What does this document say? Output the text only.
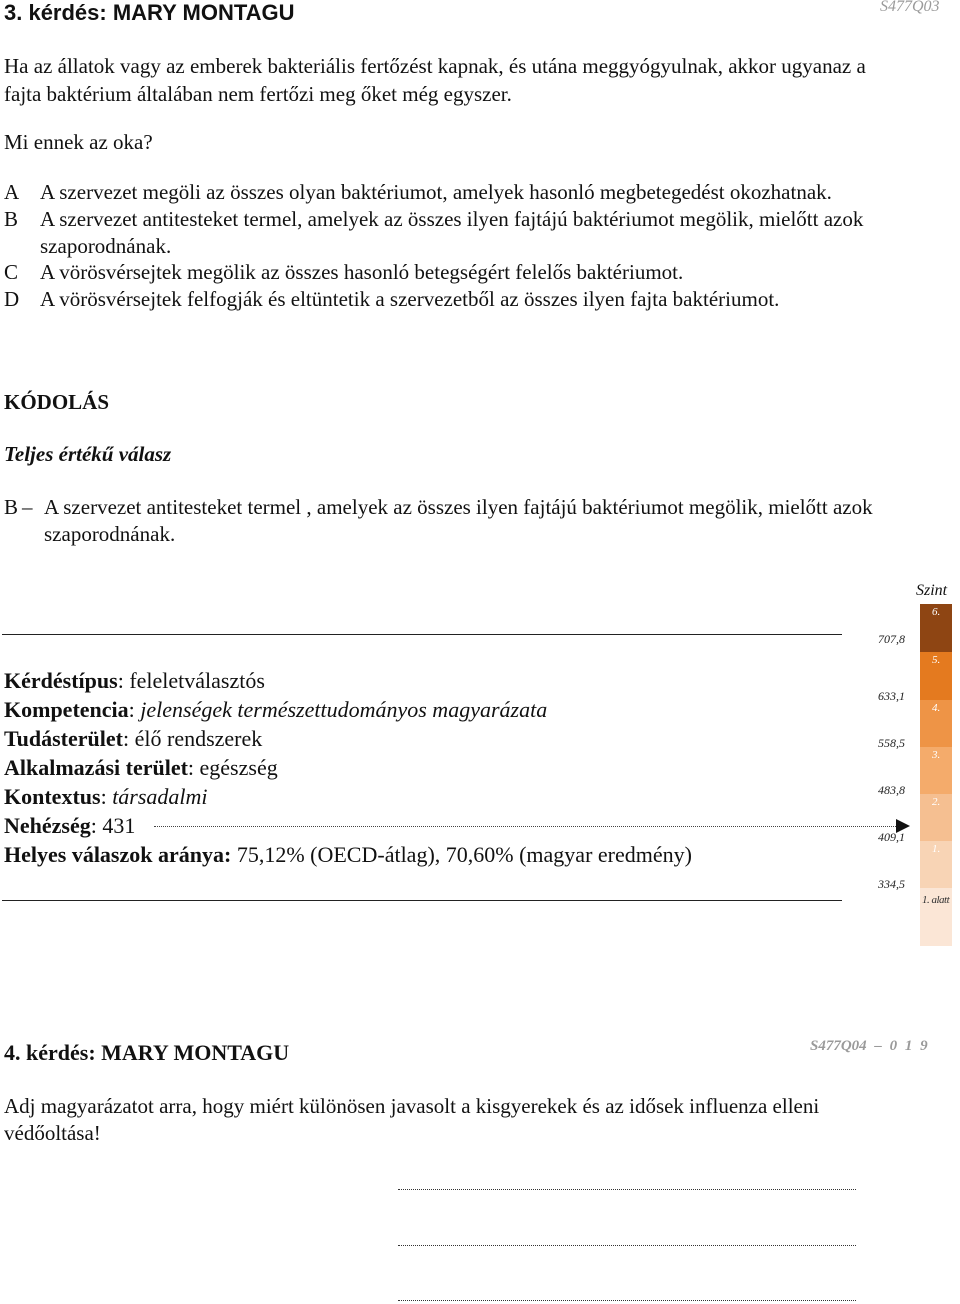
3. kérdés: MARY MONTAGU	S477Q03
Ha az állatok vagy az emberek bakteriális fertőzést kapnak, és utána meggyógyulnak, akkor ugyanaz a
fajta baktérium általában nem fertőzi meg őket még egyszer.
Mi ennek az oka?
A A szervezet megöli az összes olyan baktériumot, amelyek hasonló megbetegedést okozhatnak.
B A szervezet antitesteket termel, amelyek az összes ilyen fajtájú baktériumot megölik, mielőtt azok
szaporodnának.
C A vörösvérsejtek megölik az összes hasonló betegségért felelős baktériumot.
D A vörösvérsejtek felfogják és eltüntetik a szervezetből az összes ilyen fajta baktériumot.
KÓDOLÁS
Teljes értékű válasz
B – A szervezet antitesteket termel , amelyek az összes ilyen fajtájú baktériumot megölik, mielőtt azok
szaporodnának.
Kérdéstípus: feleletválasztós
Kompetencia: jelenségek természettudományos magyarázata
Tudásterület: élő rendszerek
Alkalmazási terület: egészség
Kontextus: társadalmi
Nehézség: 431
Helyes válaszok aránya: 75,12% (OECD-átlag), 70,60% (magyar eredmény)
Szint
6.
5.
4.
3.
2.
1.
1. alatt
707,8
633,1
558,5
483,8
409,1
334,5
4. kérdés: MARY MONTAGU	S477Q04 – 0 1 9
Adj magyarázatot arra, hogy miért különösen javasolt a kisgyerekek és az idősek influenza elleni
védőoltása!
